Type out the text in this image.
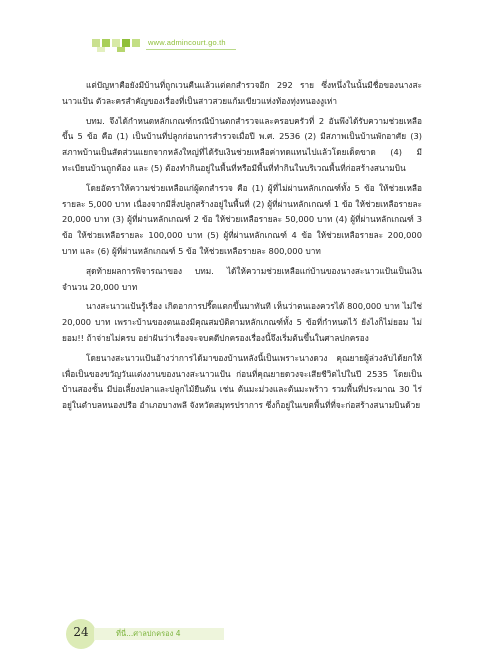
www.admincourt.go.th

แต่ปัญหาคือยังมีบ้านที่ถูกเวนคืนแล้วแต่ตกสำรวจอีก 292 ราย ซึ่งหนึ่งในนั้นมีชื่อของนางสะนาวแป้น ตัวละครสำคัญของเรื่องที่เป็นสาวสวยแก้มเขียวแห่งท้องทุ่งหนองงูเห่า

บทม. จึงได้กำหนดหลักเกณฑ์กรณีบ้านตกสำรวจและครอบครัวที่ 2 อันพึงได้รับความช่วยเหลือขึ้น 5 ข้อ คือ (1) เป็นบ้านที่ปลูกก่อนการสำรวจเมื่อปี พ.ศ. 2536 (2) มีสภาพเป็นบ้านพักอาศัย (3) สภาพบ้านเป็นสัดส่วนแยกจากหลังใหญ่ที่ได้รับเงินช่วยเหลือค่าทดแทนไปแล้วโดยเด็ดขาด (4) มีทะเบียนบ้านถูกต้อง และ (5) ต้องทำกินอยู่ในพื้นที่หรือมีพื้นที่ทำกินในบริเวณพื้นที่ก่อสร้างสนามบิน

โดยอัตราให้ความช่วยเหลือแก่ผู้ตกสำรวจ คือ (1) ผู้ที่ไม่ผ่านหลักเกณฑ์ทั้ง 5 ข้อ ให้ช่วยเหลือรายละ 5,000 บาท เนื่องจากมีสิ่งปลูกสร้างอยู่ในพื้นที่ (2) ผู้ที่ผ่านหลักเกณฑ์ 1 ข้อ ให้ช่วยเหลือรายละ 20,000 บาท (3) ผู้ที่ผ่านหลักเกณฑ์ 2 ข้อ ให้ช่วยเหลือรายละ 50,000 บาท (4) ผู้ที่ผ่านหลักเกณฑ์ 3 ข้อ ให้ช่วยเหลือรายละ 100,000 บาท (5) ผู้ที่ผ่านหลักเกณฑ์ 4 ข้อ ให้ช่วยเหลือรายละ 200,000 บาท และ (6) ผู้ที่ผ่านหลักเกณฑ์ 5 ข้อ ให้ช่วยเหลือรายละ 800,000 บาท

สุดท้ายผลการพิจารณาของ บทม. ได้ให้ความช่วยเหลือแก่บ้านของนางสะนาวแป้นเป็นเงินจำนวน 20,000 บาท

นางสะนาวแป้นรู้เรื่อง เกิดอาการปรี๊ดแตกขึ้นมาทันที เห็นว่าตนเองควรได้ 800,000 บาท ไม่ใช่ 20,000 บาท เพราะบ้านของตนเองมีคุณสมบัติตามหลักเกณฑ์ทั้ง 5 ข้อที่กำหนดไว้ ยังไงก็ไม่ยอม ไม่ยอม!! ถ้าจ่ายไม่ครบ อย่าฝันว่าเรื่องจะจบคดีปกครองเรื่องนี้จึงเริ่มต้นขึ้นในศาลปกครอง

โดยนางสะนาวแป้นอ้างว่าการได้มาของบ้านหลังนี้เป็นเพราะนางดวง คุณยายผู้ล่วงลับได้ยกให้เพื่อเป็นของขวัญวันแต่งงานของนางสะนาวแป้น ก่อนที่คุณยายดวงจะเสียชีวิตไปในปี 2535 โดยเป็นบ้านสองชั้น มีบ่อเลี้ยงปลาและปลูกไม้ยืนต้น เช่น ต้นมะม่วงและต้นมะพร้าว รวมพื้นที่ประมาณ 30 ไร่ อยู่ในตำบลหนองปรือ อำเภอบางพลี จังหวัดสมุทรปราการ ซึ่งก็อยู่ในเขตพื้นที่ที่จะก่อสร้างสนามบินด้วย

24	ที่นี่...ศาลปกครอง 4
